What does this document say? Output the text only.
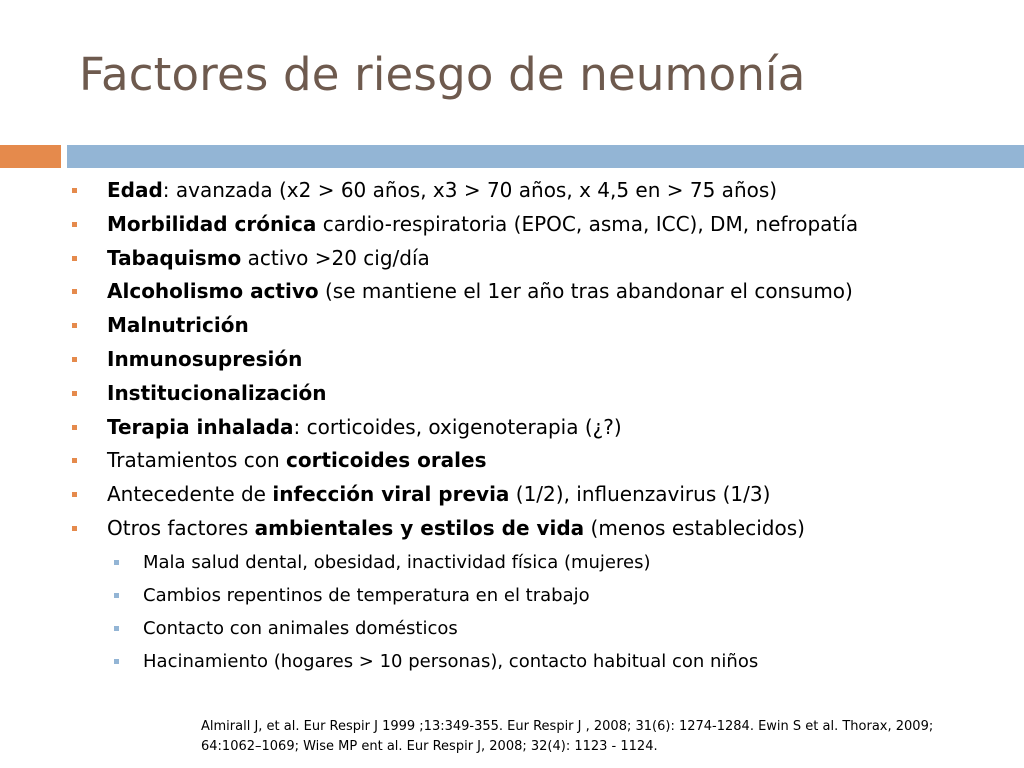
Factores de riesgo de neumonía
Edad: avanzada (x2 > 60 años, x3 > 70 años, x 4,5 en > 75 años)
Morbilidad crónica cardio-respiratoria (EPOC, asma, ICC), DM, nefropatía
Tabaquismo activo >20 cig/día
Alcoholismo activo (se mantiene el 1er año tras abandonar el consumo)
Malnutrición
Inmunosupresión
Institucionalización
Terapia inhalada: corticoides, oxigenoterapia (¿?)
Tratamientos con corticoides orales
Antecedente de infección viral previa (1/2), influenzavirus (1/3)
Otros factores ambientales y estilos de vida (menos establecidos)
Mala salud dental, obesidad, inactividad física (mujeres)
Cambios repentinos de temperatura en el trabajo
Contacto con animales domésticos
Hacinamiento (hogares > 10 personas), contacto habitual con niños
Almirall J, et al. Eur Respir J 1999 ;13:349-355. Eur Respir J , 2008; 31(6): 1274-1284. Ewin S et al. Thorax, 2009; 64:1062–1069; Wise MP ent al. Eur Respir J, 2008; 32(4): 1123 - 1124.
